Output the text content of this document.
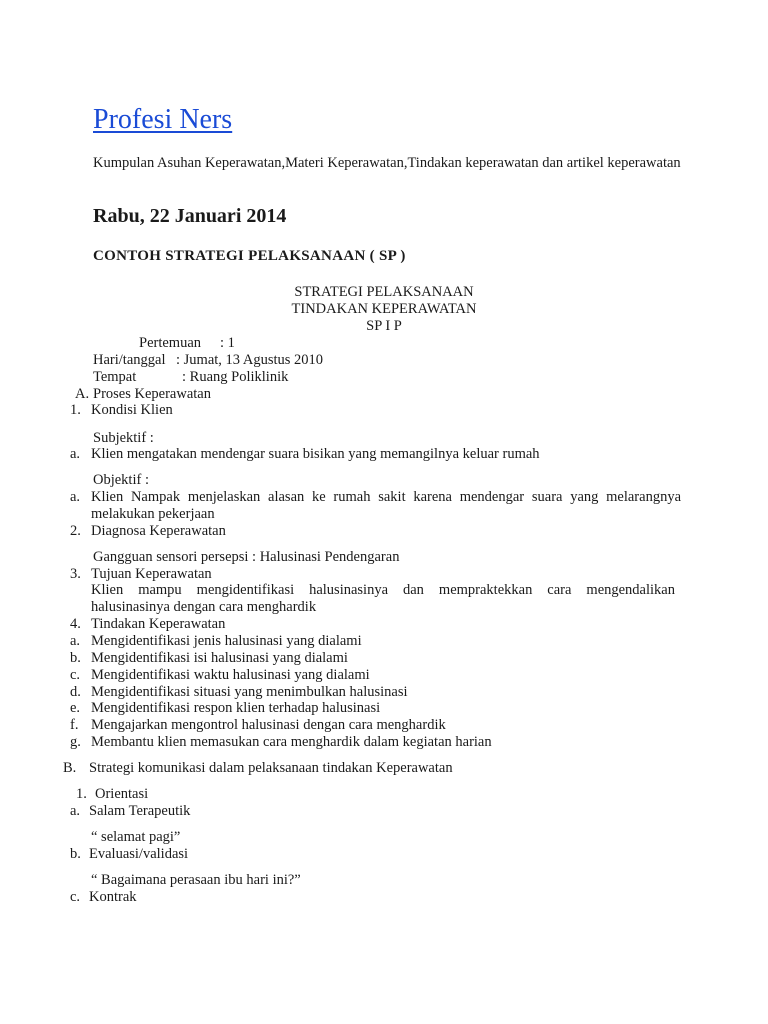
Profesi Ners
Kumpulan Asuhan Keperawatan,Materi Keperawatan,Tindakan keperawatan dan artikel keperawatan
Rabu, 22 Januari 2014
CONTOH STRATEGI PELAKSANAAN ( SP )
STRATEGI PELAKSANAAN
TINDAKAN KEPERAWATAN
SP I P
Pertemuan : 1
Hari/tanggal : Jumat, 13 Agustus 2010
Tempat	: Ruang Poliklinik
A. Proses Keperawatan
1. Kondisi Klien
Subjektif :
a. Klien mengatakan mendengar suara bisikan yang memangilnya keluar rumah
Objektif :
a. Klien Nampak menjelaskan alasan ke rumah sakit karena mendengar suara yang melarangnya melakukan pekerjaan
2. Diagnosa Keperawatan
Gangguan sensori persepsi : Halusinasi Pendengaran
3. Tujuan Keperawatan
Klien mampu mengidentifikasi halusinasinya dan mempraktekkan cara mengendalikan halusinasinya dengan cara menghardik
4. Tindakan Keperawatan
a. Mengidentifikasi jenis halusinasi yang dialami
b. Mengidentifikasi isi halusinasi yang dialami
c. Mengidentifikasi waktu halusinasi yang dialami
d. Mengidentifikasi situasi yang menimbulkan halusinasi
e. Mengidentifikasi respon klien terhadap halusinasi
f. Mengajarkan mengontrol halusinasi dengan cara menghardik
g. Membantu klien memasukan cara menghardik dalam kegiatan harian
B. Strategi komunikasi dalam pelaksanaan tindakan Keperawatan
1. Orientasi
a. Salam Terapeutik
“ selamat pagi”
b. Evaluasi/validasi
“ Bagaimana perasaan ibu hari ini?”
c. Kontrak
